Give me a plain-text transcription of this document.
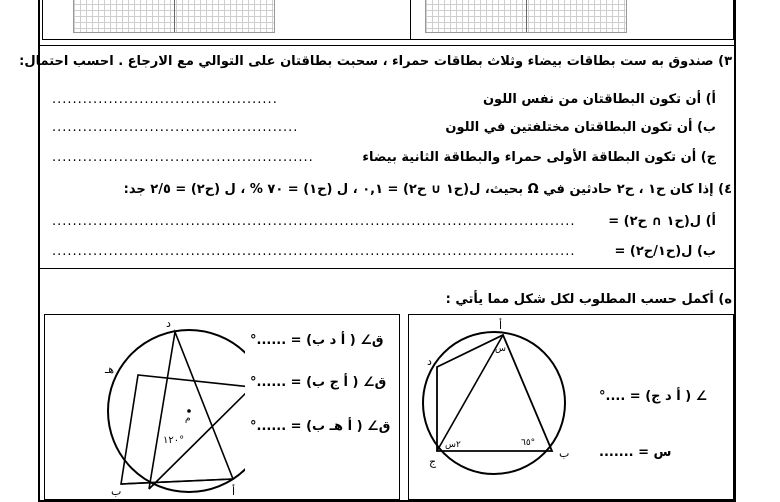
٣) صندوق به ست بطاقات بيضاء وثلاث بطاقات حمراء ، سحبت بطاقتان على التوالي مع الارجاع . احسب احتمال:
أ) أن تكون البطاقتان من نفس اللون
............................................
ب) أن تكون البطاقتان مختلفتين في اللون
................................................
ج) أن تكون البطاقة الأولى حمراء والبطاقة الثانية بيضاء
...................................................
٤) إذا كان ح١ ، ح٢ حادثين في Ω بحيث، ل(ح١ ∪ ح٢) = ٠,١ ، ل (ح١) = ٧٠ % ، ل (ح٢) = ٢/٥ جد:
أ) ل(ح١ ∩ ح٢) =
......................................................................................................
ب) ل(ح١/ح٢) =
......................................................................................................
ه) أكمل حسب المطلوب لكل شكل مما يأتي :
د
هـ
ب	أ
م
١٢٠°
ق∠ ( أ د ب) = ......°
ق∠ ( أ ج ب) = ......°
ق∠ ( أ هـ ب) = ......°
أ
د
ج
ب
س
٢س	٦٥°
∠ ( أ د ج) = ....°
س = .......
